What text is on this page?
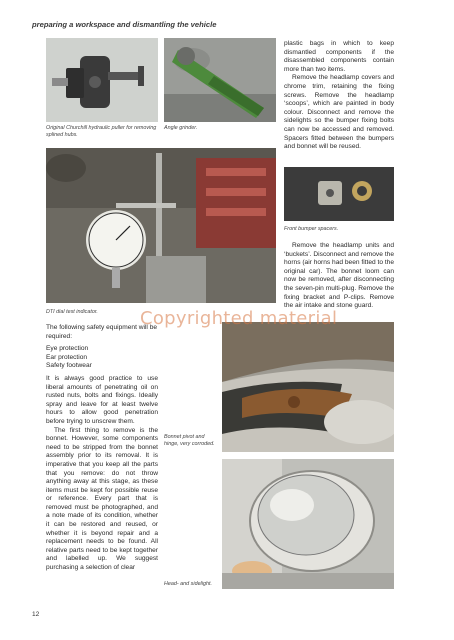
preparing a workspace and dismantling the vehicle
Original Churchill hydraulic puller for removing splined hubs.
Angle grinder.
DTI dial test indicator.

plastic bags in which to keep dismantled components if the disassembled components contain more than two items.

Remove the headlamp covers and chrome trim, retaining the fixing screws. Remove the headlamp ‘scoops’, which are painted in body colour. Disconnect and remove the sidelights so the bumper fixing bolts can now be accessed and removed. Spacers fitted between the bumpers and bonnet will be reused.

Front bumper spacers.

Remove the headlamp units and ‘buckets’. Disconnect and remove the horns (air horns had been fitted to the original car). The bonnet loom can now be removed, after disconnecting the seven-pin multi-plug. Remove the fixing bracket and P-clips. Remove the air intake and stone guard.

Bonnet pivot and hinge, very corroded.
Head- and sidelight.

The following safety equipment will be required:

Eye protection
Ear protection
Safety footwear

It is always good practice to use liberal amounts of penetrating oil on rusted nuts, bolts and fixings. Ideally spray and leave for at least twelve hours to allow good penetration before trying to unscrew them.

The first thing to remove is the bonnet. However, some components need to be stripped from the bonnet assembly prior to its removal. It is imperative that you keep all the parts that you remove: do not throw anything away at this stage, as these items must be kept for possible reuse or reference. Every part that is removed must be photographed, and a note made of its condition, whether it can be restored and reused, or whether it is beyond repair and a replacement needs to be found. All relative parts need to be kept together and labelled up. We suggest purchasing a selection of clear

Copyrighted material
12
